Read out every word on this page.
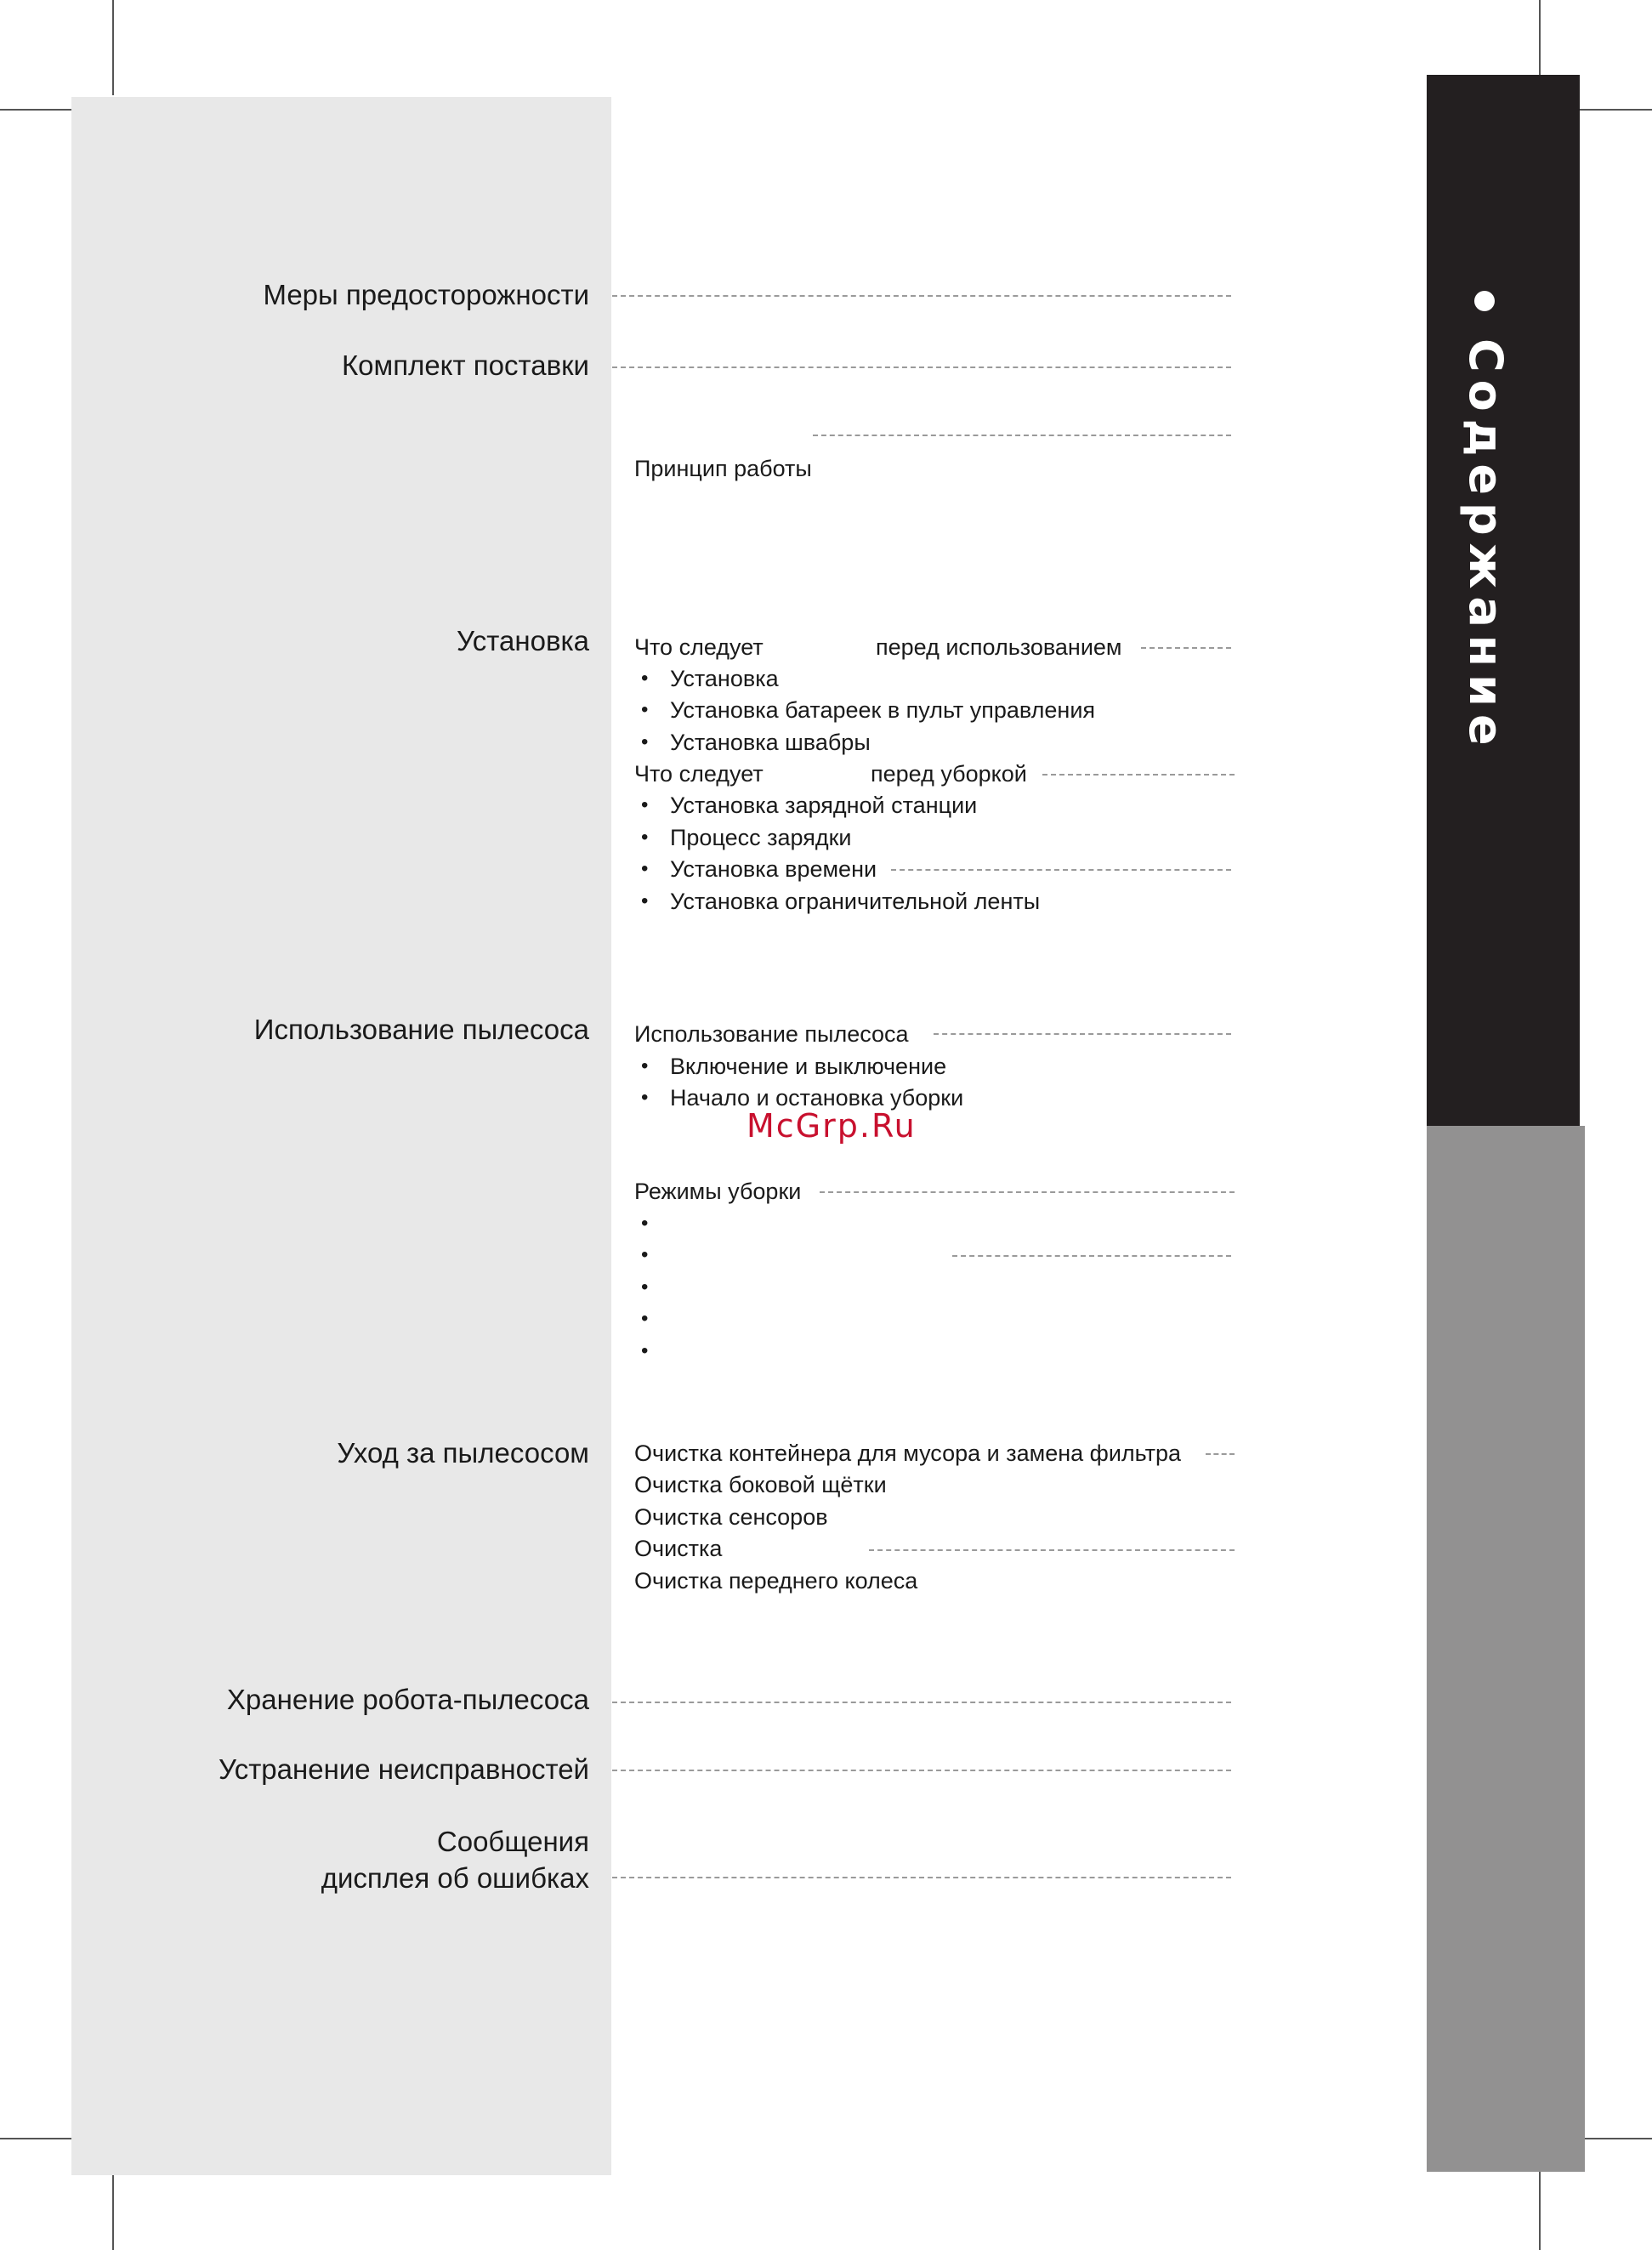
Содержание
Меры предосторожности
Комплект поставки
Установка
Использование пылесоса
Уход за пылесосом
Хранение робота-пылесоса
Устранение неисправностей
Сообщения
дисплея об ошибках
Принцип работы
Что следует	перед использованием
• Установка
• Установка батареек в пульт управления
• Установка швабры
Что следует	перед уборкой
• Установка зарядной станции
• Процесс зарядки
• Установка времени
• Установка ограничительной ленты
Использование пылесоса
• Включение и выключение
• Начало и остановка уборки
McGrp.Ru
Режимы уборки
•
•
•
•
•
Очистка контейнера для мусора и замена фильтра
Очистка боковой щётки
Очистка сенсоров
Очистка
Очистка переднего колеса
